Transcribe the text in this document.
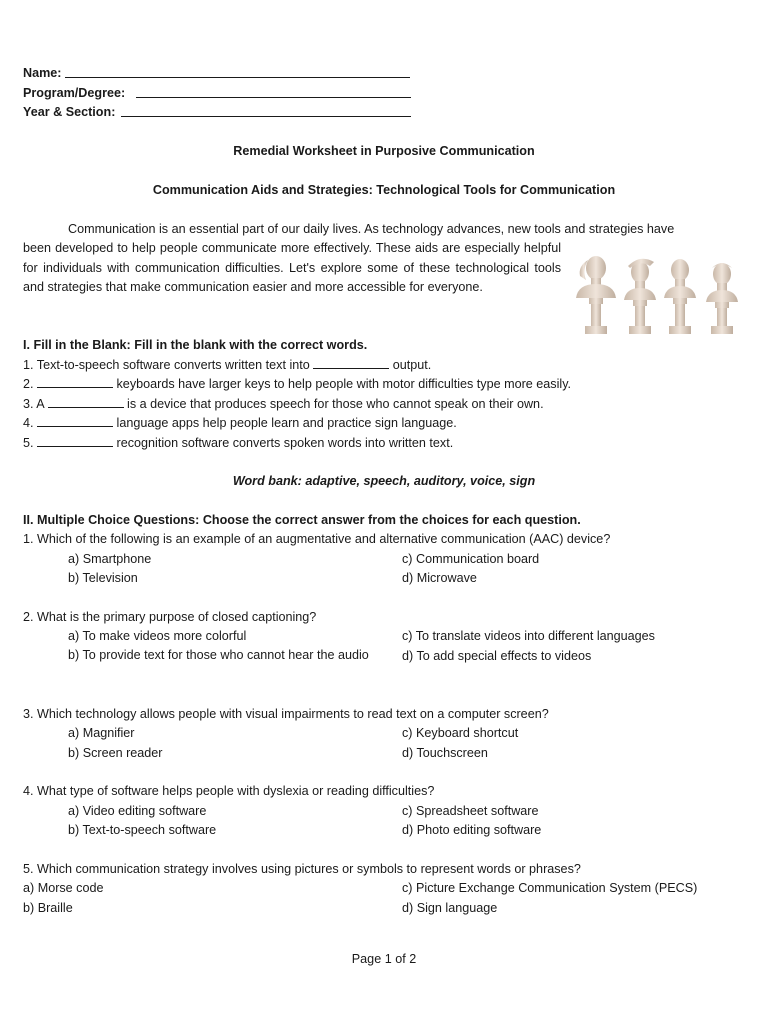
Name:
Program/Degree:
Year & Section:
Remedial Worksheet in Purposive Communication
Communication Aids and Strategies: Technological Tools for Communication
Communication is an essential part of our daily lives. As technology advances, new tools and strategies have
been developed to help people communicate more effectively. These aids are especially helpful for individuals with communication difficulties. Let's explore some of these technological tools and strategies that make communication easier and more accessible for everyone.
I. Fill in the Blank: Fill in the blank with the correct words.
1. Text-to-speech software converts written text into	output.
2.	keyboards have larger keys to help people with motor difficulties type more easily.
3. A	is a device that produces speech for those who cannot speak on their own.
4.	language apps help people learn and practice sign language.
5.	recognition software converts spoken words into written text.
Word bank: adaptive, speech, auditory, voice, sign
II. Multiple Choice Questions: Choose the correct answer from the choices for each question.
1. Which of the following is an example of an augmentative and alternative communication (AAC) device?
a) Smartphone	c) Communication board
b) Television	d) Microwave
2. What is the primary purpose of closed captioning?
a) To make videos more colorful	c) To translate videos into different languages
b) To provide text for those who cannot hear the audio	d) To add special effects to videos
3. Which technology allows people with visual impairments to read text on a computer screen?
a) Magnifier	c) Keyboard shortcut
b) Screen reader	d) Touchscreen
4. What type of software helps people with dyslexia or reading difficulties?
a) Video editing software	c) Spreadsheet software
b) Text-to-speech software	d) Photo editing software
5. Which communication strategy involves using pictures or symbols to represent words or phrases?
a) Morse code	c) Picture Exchange Communication System (PECS)
b) Braille	d) Sign language
Page 1 of 2
